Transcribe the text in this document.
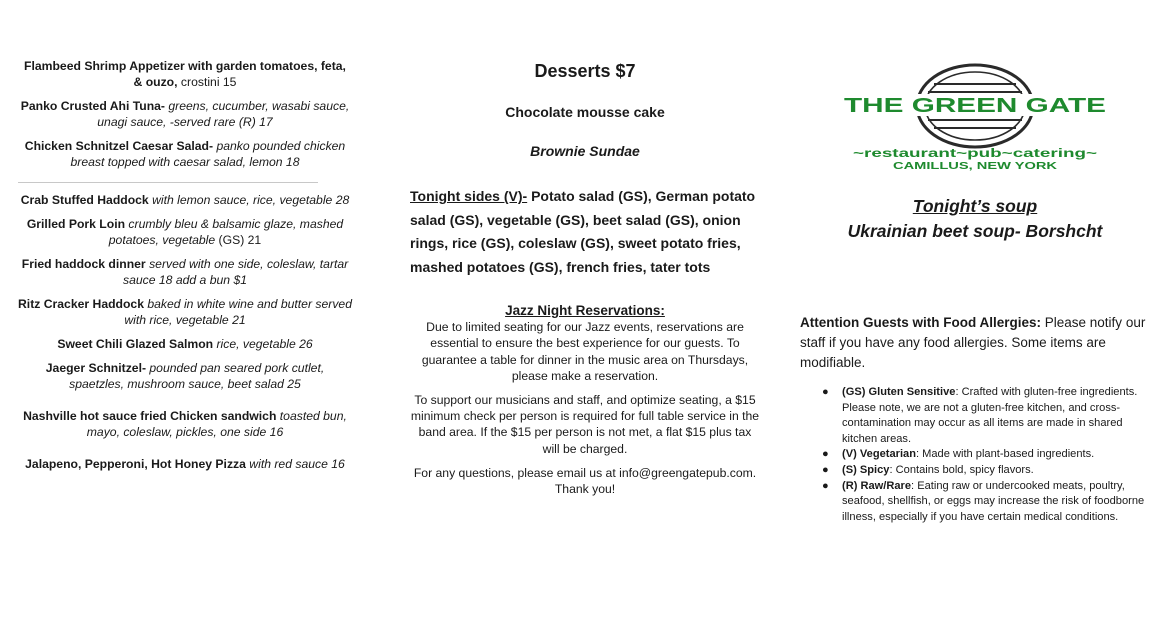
Flambeed Shrimp Appetizer with garden tomatoes, feta, & ouzo, crostini 15
Panko Crusted Ahi Tuna- greens, cucumber, wasabi sauce, unagi sauce, -served rare (R) 17
Chicken Schnitzel Caesar Salad- panko pounded chicken breast topped with caesar salad, lemon 18
Crab Stuffed Haddock with lemon sauce, rice, vegetable 28
Grilled Pork Loin crumbly bleu & balsamic glaze, mashed potatoes, vegetable (GS) 21
Fried haddock dinner served with one side, coleslaw, tartar sauce 18 add a bun $1
Ritz Cracker Haddock baked in white wine and butter served with rice, vegetable 21
Sweet Chili Glazed Salmon rice, vegetable 26
Jaeger Schnitzel- pounded pan seared pork cutlet, spaetzles, mushroom sauce, beet salad 25
Nashville hot sauce fried Chicken sandwich toasted bun, mayo, coleslaw, pickles, one side 16
Jalapeno, Pepperoni, Hot Honey Pizza with red sauce 16
Desserts $7
Chocolate mousse cake
Brownie Sundae
Tonight sides (V)- Potato salad (GS), German potato salad (GS), vegetable (GS), beet salad (GS), onion rings, rice (GS), coleslaw (GS), sweet potato fries, mashed potatoes (GS), french fries, tater tots
Jazz Night Reservations:

Due to limited seating for our Jazz events, reservations are essential to ensure the best experience for our guests. To guarantee a table for dinner in the music area on Thursdays, please make a reservation.

To support our musicians and staff, and optimize seating, a $15 minimum check per person is required for full table service in the band area. If the $15 per person is not met, a flat $15 plus tax will be charged.

For any questions, please email us at info@greengatepub.com. Thank you!

THE GREEN GATE
~restaurant~pub~catering~
CAMILLUS, NEW YORK
Tonight’s soup
Ukrainian beet soup- Borshcht
Attention Guests with Food Allergies: Please notify our staff if you have any food allergies. Some items are modifiable.
● (GS) Gluten Sensitive: Crafted with gluten-free ingredients. Please note, we are not a gluten-free kitchen, and cross-contamination may occur as all items are made in shared kitchen areas.
● (V) Vegetarian: Made with plant-based ingredients.
● (S) Spicy: Contains bold, spicy flavors.
● (R) Raw/Rare: Eating raw or undercooked meats, poultry, seafood, shellfish, or eggs may increase the risk of foodborne illness, especially if you have certain medical conditions.
